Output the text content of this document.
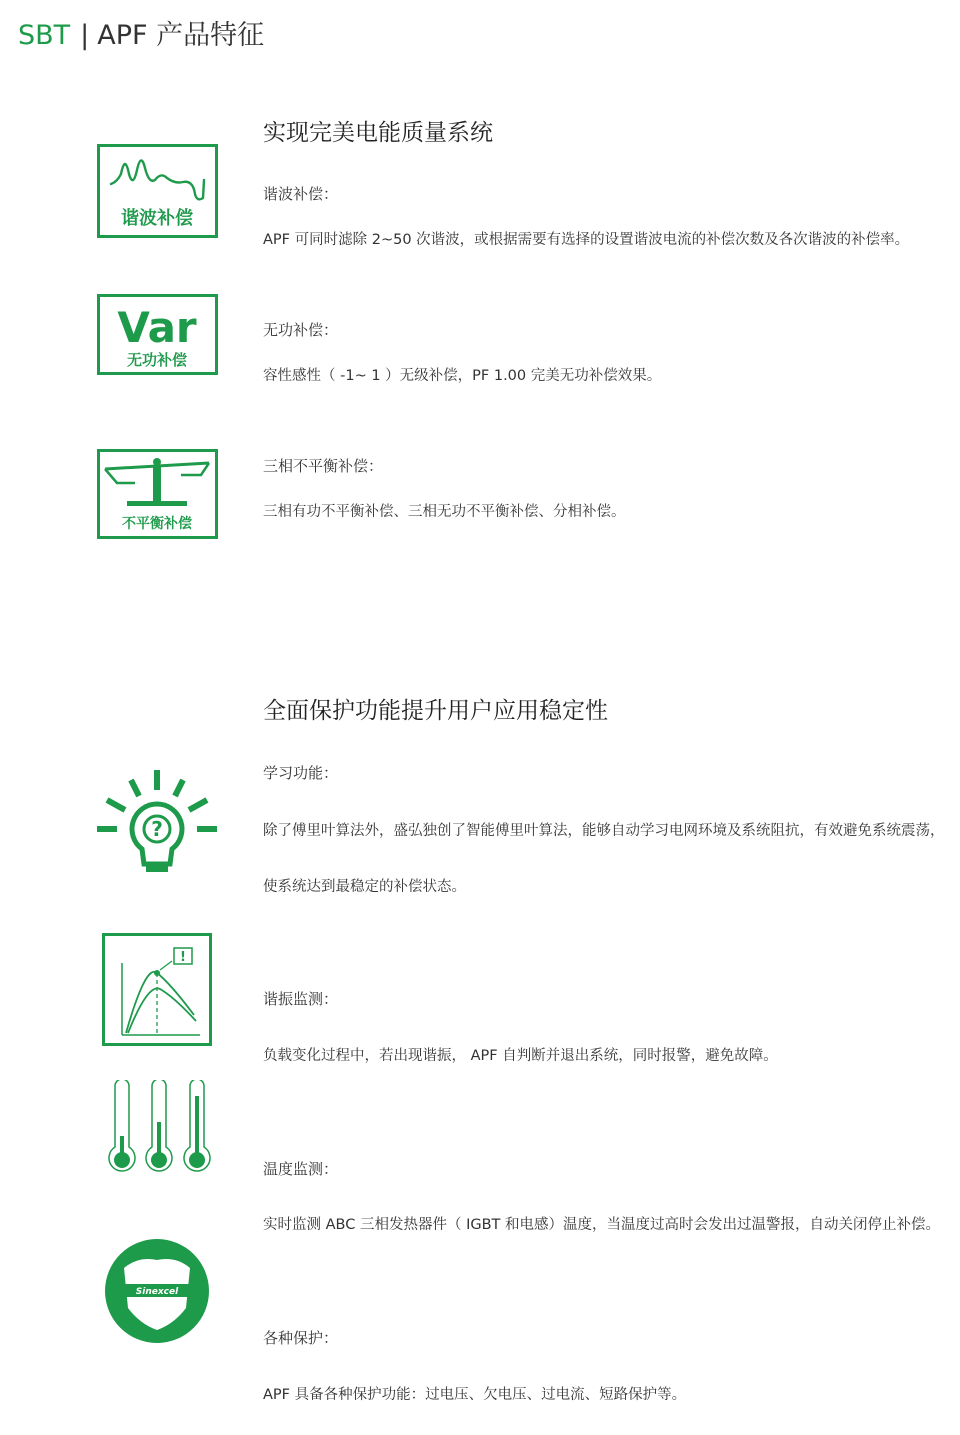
SBT | APF 产品特征
实现完美电能质量系统
谐波补偿
谐波补偿：
APF 可同时滤除 2~50 次谐波，或根据需要有选择的设置谐波电流的补偿次数及各次谐波的补偿率。
Var
无功补偿
无功补偿：
容性感性（ -1~ 1 ）无级补偿，PF 1.00 完美无功补偿效果。
不平衡补偿
三相不平衡补偿：
三相有功不平衡补偿、三相无功不平衡补偿、分相补偿。
全面保护功能提升用户应用稳定性
?
学习功能：
除了傅里叶算法外，盛弘独创了智能傅里叶算法，能够自动学习电网环境及系统阻抗，有效避免系统震荡，
使系统达到最稳定的补偿状态。
!
谐振监测：
负载变化过程中，若出现谐振， APF 自判断并退出系统，同时报警，避免故障。
温度监测：
实时监测 ABC 三相发热器件（ IGBT 和电感）温度，当温度过高时会发出过温警报，自动关闭停止补偿。
Sinexcel
各种保护：
APF 具备各种保护功能：过电压、欠电压、过电流、短路保护等。
